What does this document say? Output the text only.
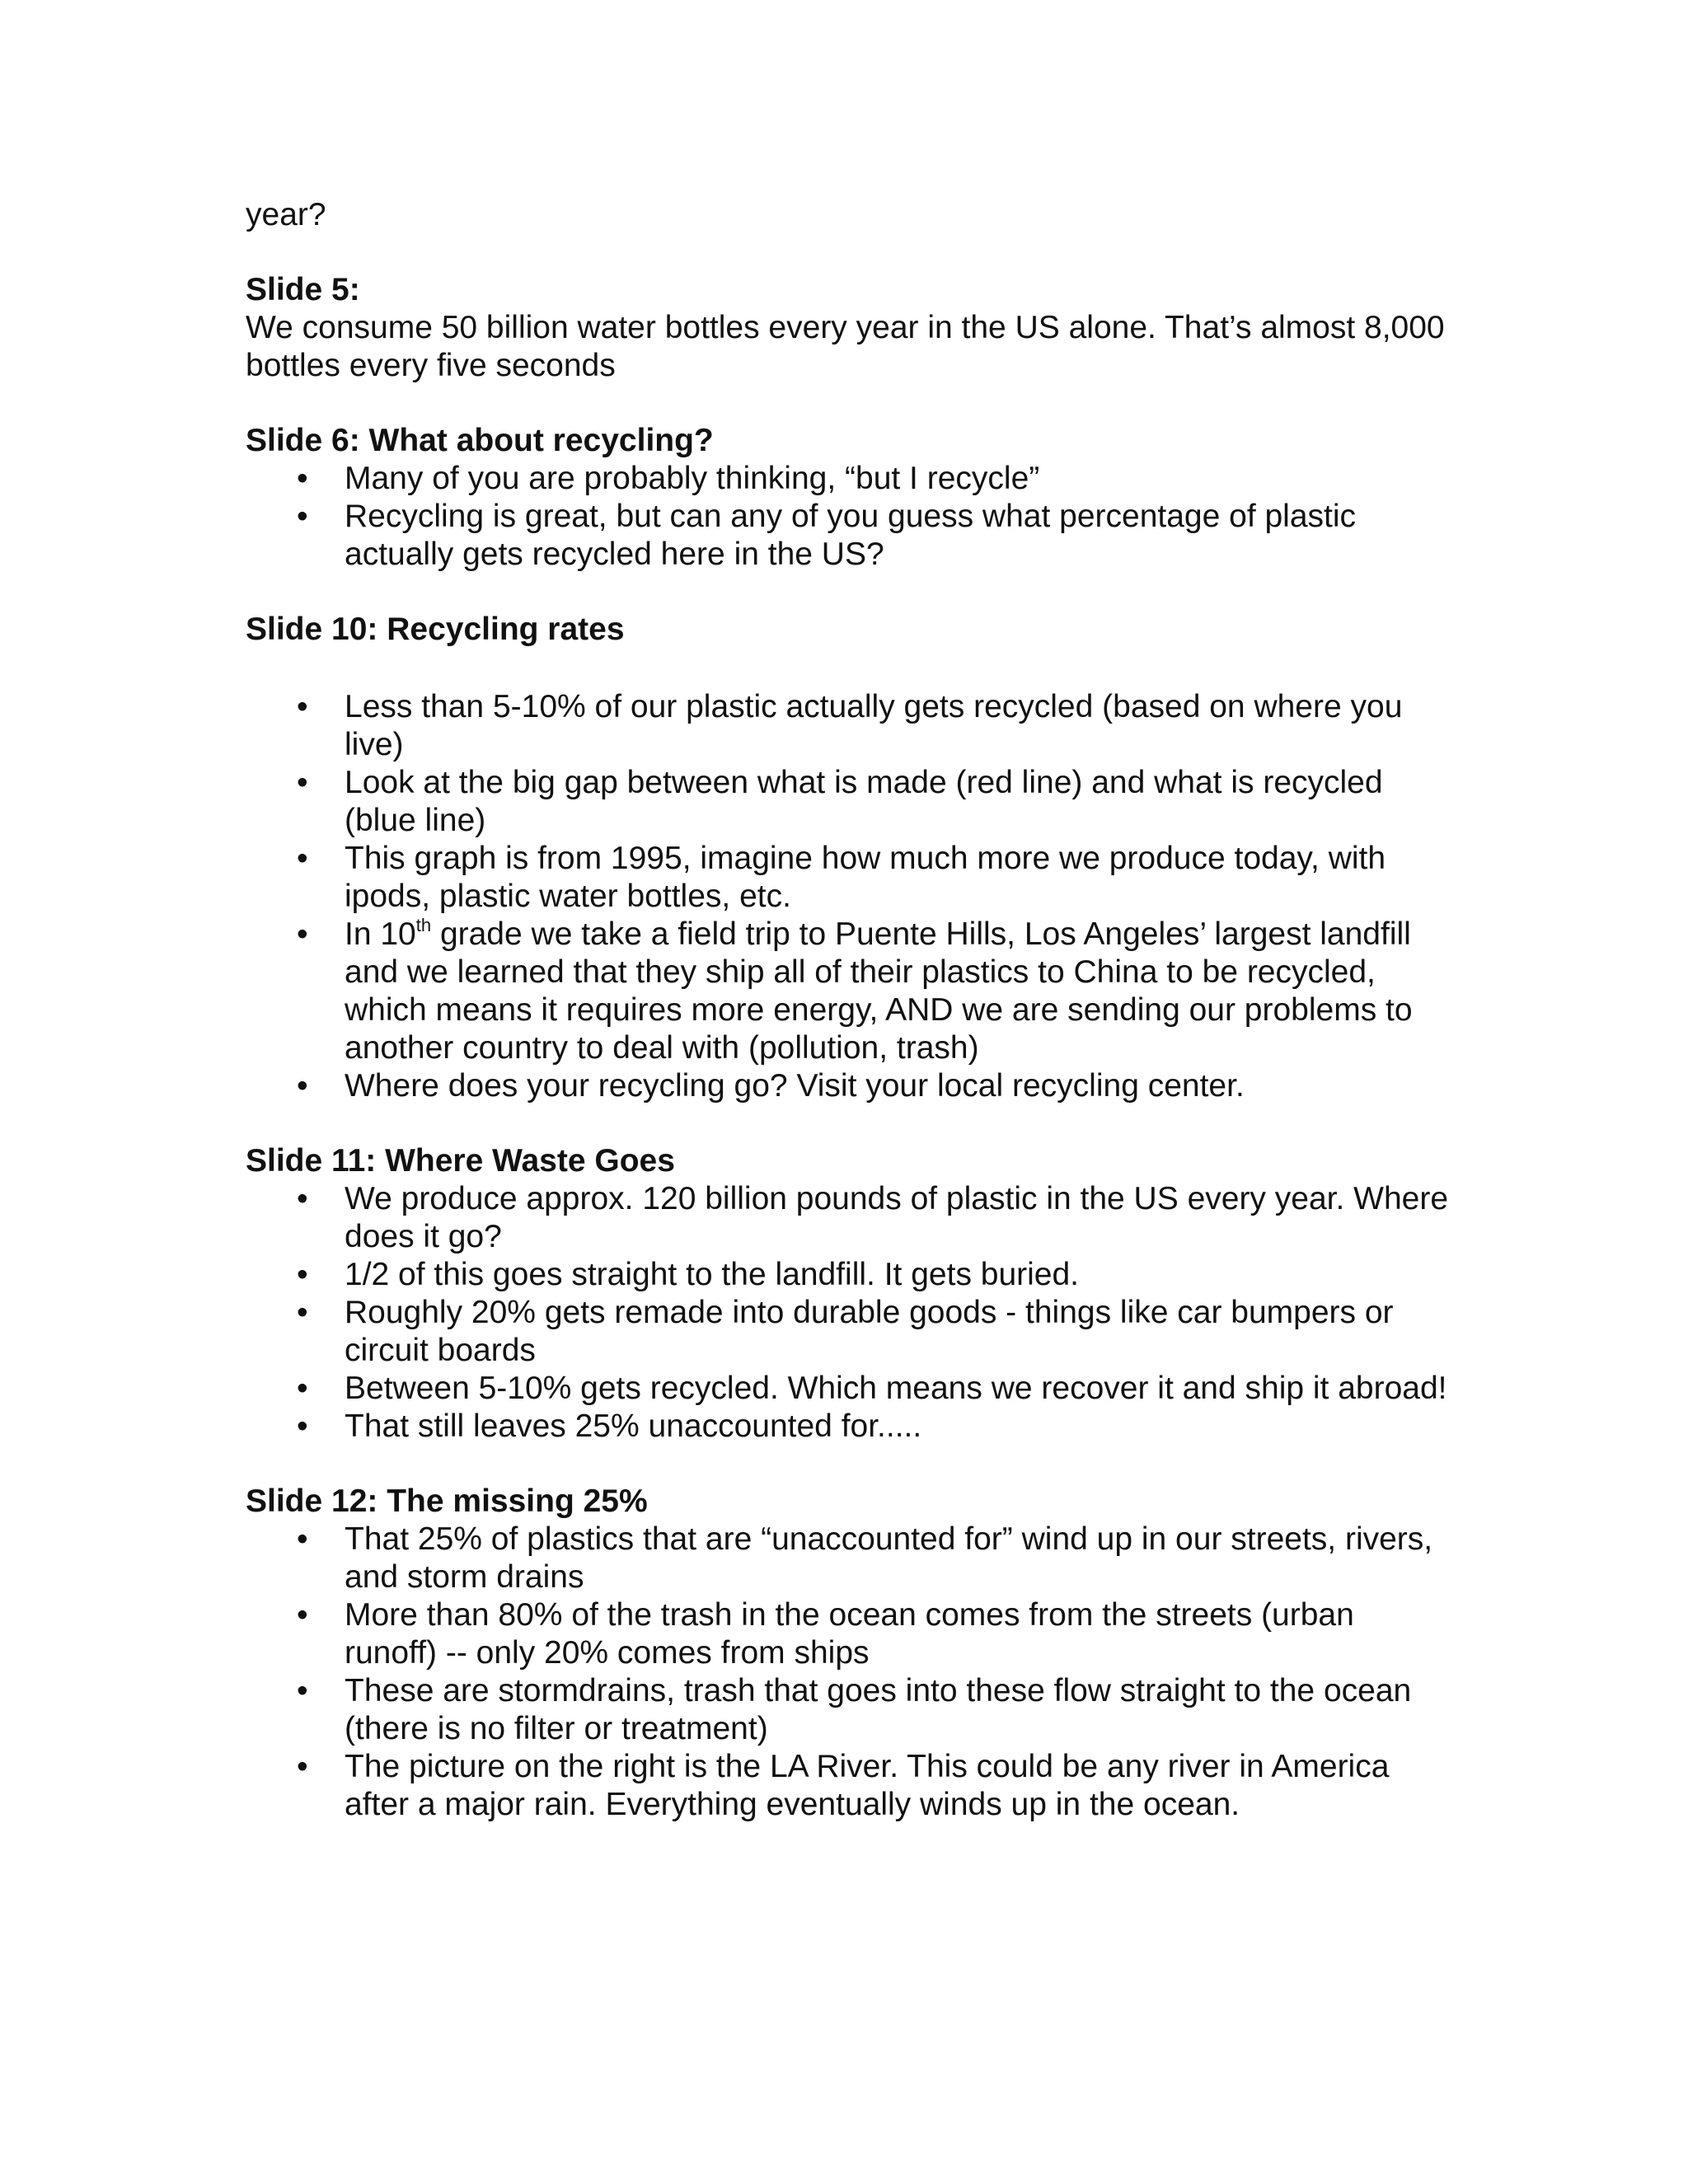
year?

Slide 5:

We consume 50 billion water bottles every year in the US alone. That’s almost 8,000 bottles every five seconds

Slide 6: What about recycling?

• Many of you are probably thinking, “but I recycle”
• Recycling is great, but can any of you guess what percentage of plastic actually gets recycled here in the US?

Slide 10: Recycling rates

• Less than 5-10% of our plastic actually gets recycled (based on where you live)
• Look at the big gap between what is made (red line) and what is recycled (blue line)
• This graph is from 1995, imagine how much more we produce today, with ipods, plastic water bottles, etc.
• In 10th grade we take a field trip to Puente Hills, Los Angeles’ largest landfill and we learned that they ship all of their plastics to China to be recycled, which means it requires more energy, AND we are sending our problems to another country to deal with (pollution, trash)
• Where does your recycling go? Visit your local recycling center.

Slide 11: Where Waste Goes

• We produce approx. 120 billion pounds of plastic in the US every year. Where does it go?
• 1/2 of this goes straight to the landfill. It gets buried.
• Roughly 20% gets remade into durable goods - things like car bumpers or circuit boards
• Between 5-10% gets recycled. Which means we recover it and ship it abroad!
• That still leaves 25% unaccounted for.....

Slide 12: The missing 25%

• That 25% of plastics that are “unaccounted for” wind up in our streets, rivers, and storm drains
• More than 80% of the trash in the ocean comes from the streets (urban runoff) -- only 20% comes from ships
• These are stormdrains, trash that goes into these flow straight to the ocean (there is no filter or treatment)
• The picture on the right is the LA River. This could be any river in America after a major rain. Everything eventually winds up in the ocean.
